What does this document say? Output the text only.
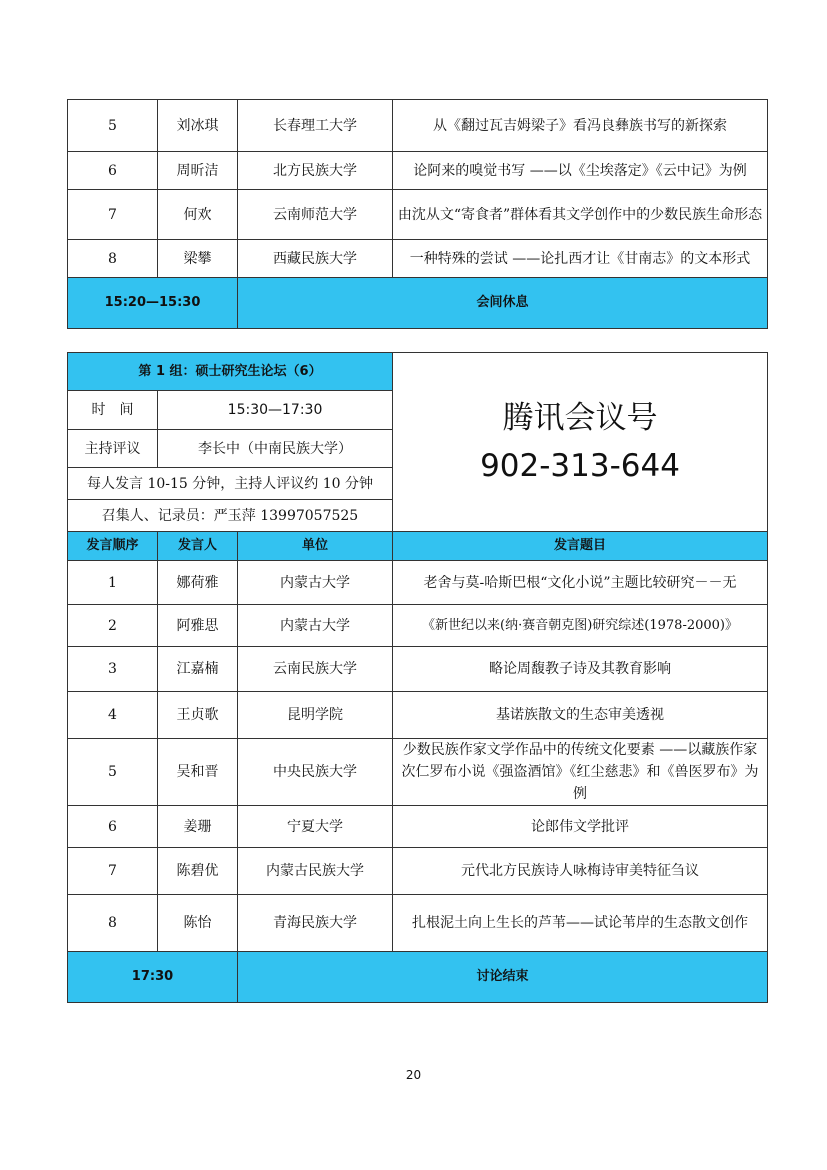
5	刘冰琪	长春理工大学	从《翻过瓦吉姆梁子》看冯良彝族书写的新探索
6	周昕洁	北方民族大学	论阿来的嗅觉书写 ——以《尘埃落定》《云中记》为例
7	何欢	云南师范大学	由沈从文“寄食者”群体看其文学创作中的少数民族生命形态
8	梁攀	西藏民族大学	一种特殊的尝试 ——论扎西才让《甘南志》的文本形式
15:20—15:30		会间休息	
第 1 组：硕士研究生论坛（6）			腾讯会议号
902-313-644

时　间	15:30—17:30		
主持评议	李长中（中南民族大学）		
每人发言 10-15 分钟，主持人评议约 10 分钟			
召集人、记录员：严玉萍 13997057525			
发言顺序	发言人	单位	发言题目
1	娜荷雅	内蒙古大学	老舍与莫-哈斯巴根“文化小说”主题比较研究－－无
2	阿雅思	内蒙古大学	《新世纪以来(纳·赛音朝克图)研究综述(1978-2000)》
3	江嘉楠	云南民族大学	略论周馥教子诗及其教育影响
4	王贞歌	昆明学院	基诺族散文的生态审美透视
5	吴和晋	中央民族大学	少数民族作家文学作品中的传统文化要素 ——以藏族作家次仁罗布小说《强盗酒馆》《红尘慈悲》和《兽医罗布》为例
6	姜珊	宁夏大学	论郎伟文学批评
7	陈碧优	内蒙古民族大学	元代北方民族诗人咏梅诗审美特征刍议
8	陈怡	青海民族大学	扎根泥土向上生长的芦苇——试论苇岸的生态散文创作
17:30		讨论结束	
20
